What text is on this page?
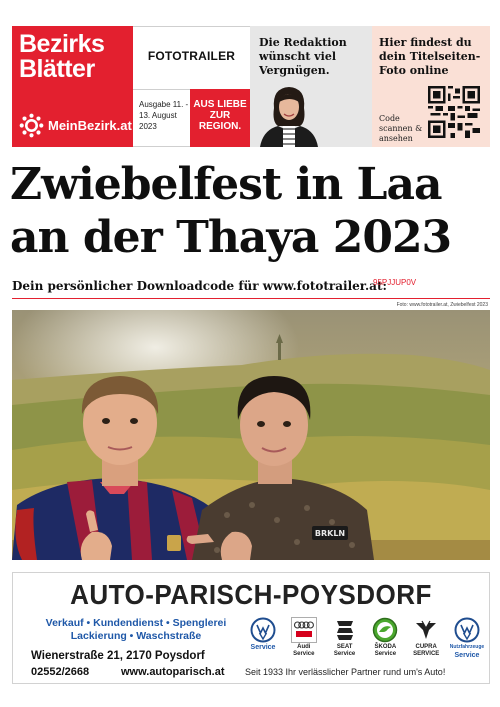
Bezirks Blätter
MeinBezirk.at
FOTOTRAILER
Ausgabe 11. - 13. August 2023
AUS LIEBE ZUR REGION.
Die Redaktion wünscht viel Vergnügen.
Hier findest du dein Titelseiten-Foto online
Code scannen & ansehen
Zwiebelfest in Laa an der Thaya 2023
Dein persönlicher Downloadcode für www.fototrailer.at:
95PJJUP0V
Foto: www.fototrailer.at, Zwiebelfest 2023
BRKLN
AUTO-PARISCH-POYSDORF
Verkauf • Kundendienst • Spenglerei
Lackierung • Waschstraße
Service	Audi Service
SEAT Service
ŠKODA Service
CUPRA SERVICE
Nutzfahrzeuge
Service
Wienerstraße 21, 2170 Poysdorf
02552/2668	www.autoparisch.at Seit 1933 Ihr verlässlicher Partner rund um's Auto!
